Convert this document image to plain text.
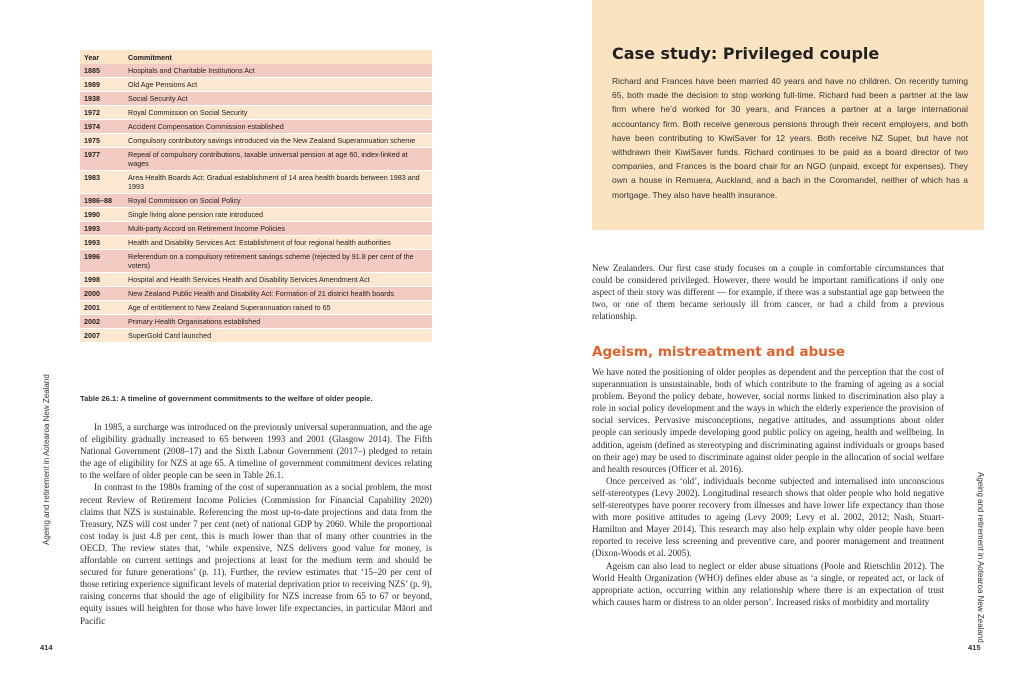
Year	Commitment
1885	Hospitals and Charitable Institutions Act
1989	Old Age Pensions Act
1938	Social Security Act
1972	Royal Commission on Social Security
1974	Accident Compensation Commission established
1975	Compulsory contributory savings introduced via the New Zealand Superannuation scheme
1977	Repeal of compulsory contributions, taxable universal pension at age 60, index-linked at wages
1983	Area Health Boards Act: Gradual establishment of 14 area health boards between 1983 and 1993
1986–88	Royal Commission on Social Policy
1990	Single living alone pension rate introduced
1993	Multi-party Accord on Retirement Income Policies
1993	Health and Disability Services Act: Establishment of four regional health authorities
1996	Referendum on a compulsory retirement savings scheme (rejected by 91.8 per cent of the voters)
1998	Hospital and Health Services Health and Disability Services Amendment Act
2000	New Zealand Public Health and Disability Act: Formation of 21 district health boards
2001	Age of entitlement to New Zealand Superannuation raised to 65
2002	Primary Health Organisations established
2007	SuperGold Card launched
Table 26.1: A timeline of government commitments to the welfare of older people.

In 1985, a surcharge was introduced on the previously universal superannuation, and the age of eligibility gradually increased to 65 between 1993 and 2001 (Glasgow 2014). The Fifth National Government (2008–17) and the Sixth Labour Government (2017–) pledged to retain the age of eligibility for NZS at age 65. A timeline of government commitment devices relating to the welfare of older people can be seen in Table 26.1.

In contrast to the 1980s framing of the cost of superannuation as a social problem, the most recent Review of Retirement Income Policies (Commission for Financial Capability 2020) claims that NZS is sustainable. Referencing the most up-to-date projections and data from the Treasury, NZS will cost under 7 per cent (net) of national GDP by 2060. While the proportional cost today is just 4.8 per cent, this is much lower than that of many other countries in the OECD. The review states that, ‘while expensive, NZS delivers good value for money, is affordable on current settings and projections at least for the medium term and should be secured for future generations’ (p. 11). Further, the review estimates that ‘15–20 per cent of those retiring experience significant levels of material deprivation prior to receiving NZS’ (p. 9), raising concerns that should the age of eligibility for NZS increase from 65 to 67 or beyond, equity issues will heighten for those who have lower life expectancies, in particular Māori and Pacific

Ageing and retirement in Aotearoa New Zealand
414
Case study: Privileged couple
Richard and Frances have been married 40 years and have no children. On recently turning 65, both made the decision to stop working full-time. Richard had been a partner at the law firm where he’d worked for 30 years, and Frances a partner at a large international accountancy firm. Both receive generous pensions through their recent employers, and both have been contributing to KiwiSaver for 12 years. Both receive NZ Super, but have not withdrawn their KiwiSaver funds. Richard continues to be paid as a board director of two companies, and Frances is the board chair for an NGO (unpaid, except for expenses). They own a house in Remuera, Auckland, and a bach in the Coromandel, neither of which has a mortgage. They also have health insurance.

New Zealanders. Our first case study focuses on a couple in comfortable circumstances that could be considered privileged. However, there would be important ramifications if only one aspect of their story was different — for example, if there was a substantial age gap between the two, or one of them became seriously ill from cancer, or had a child from a previous relationship.

Ageism, mistreatment and abuse

We have noted the positioning of older peoples as dependent and the perception that the cost of superannuation is unsustainable, both of which contribute to the framing of ageing as a social problem. Beyond the policy debate, however, social norms linked to discrimination also play a role in social policy development and the ways in which the elderly experience the provision of social services. Pervasive misconceptions, negative attitudes, and assumptions about older people can seriously impede developing good public policy on ageing, health and wellbeing. In addition, ageism (defined as stereotyping and discriminating against individuals or groups based on their age) may be used to discriminate against older people in the allocation of social welfare and health resources (Officer et al. 2016).

Once perceived as ‘old’, individuals become subjected and internalised into unconscious self-stereotypes (Levy 2002). Longitudinal research shows that older people who hold negative self-stereotypes have poorer recovery from illnesses and have lower life expectancy than those with more positive attitudes to ageing (Levy 2009; Levy et al. 2002, 2012; Nash, Stuart-Hamilton and Mayer 2014). This research may also help explain why older people have been reported to receive less screening and preventive care, and poorer management and treatment (Dixon-Woods et al. 2005).

Ageism can also lead to neglect or elder abuse situations (Poole and Rietschlin 2012). The World Health Organization (WHO) defines elder abuse as ‘a single, or repeated act, or lack of appropriate action, occurring within any relationship where there is an expectation of trust which causes harm or distress to an older person’. Increased risks of morbidity and mortality	Ageing and retirement in Aotearoa New Zealand
415
